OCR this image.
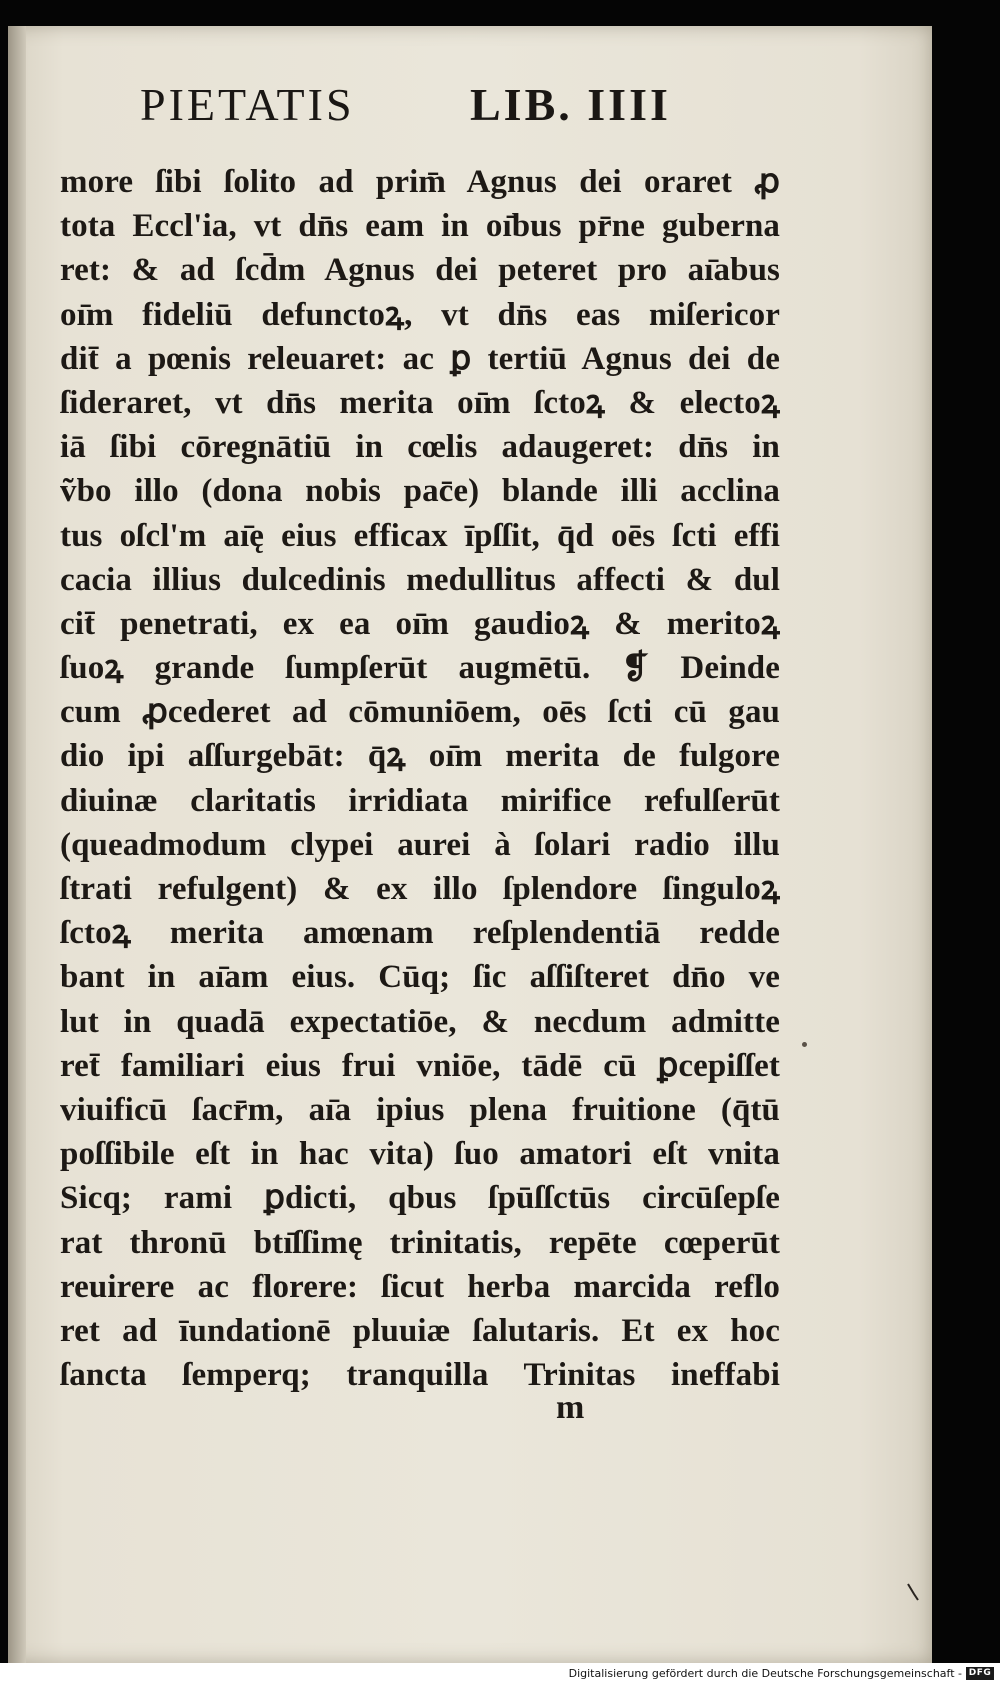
PIETATIS	LIB. IIII
more ſibi ſolito ad prim̄ Agnus dei oraret ꝓ
tota Eccl'ia, vt dn̄s eam in oı̄bus pr̄ne guberna
ret: & ad ſcd̄m Agnus dei peteret pro aı̄abus
oı̄m fideliū defunctoꝝ, vt dn̄s eas miſericor
dit̄ a pœnis releuaret: ac ꝑ tertiū Agnus dei de
ſideraret, vt dn̄s merita oı̄m ſctoꝝ & electoꝝ
iā ſibi cōregnātiū in cœlis adaugeret: dn̄s in
ṽbo illo (dona nobis pac̄e) blande illi acclina
tus oſcl'm aı̄ę eius efficax īpſſit, q̄d oēs ſcti effi
cacia illius dulcedinis medullitus affecti & dul
cit̄ penetrati, ex ea oı̄m gaudioꝝ & meritoꝝ
ſuoꝝ grande ſumpſerūt augmētū. ❡ Deinde
cum ꝓcederet ad cōmuniōem, oēs ſcti cū gau
dio ipi aſſurgebāt: q̄ꝝ oı̄m merita de fulgore
diuinæ claritatis irridiata mirifice refulſerūt
(queadmodum clypei aurei à ſolari radio illu
ſtrati refulgent) & ex illo ſplendore ſinguloꝝ
ſctoꝝ merita amœnam reſplendentiā redde
bant in aı̄am eius. Cūq; ſic aſſiſteret dn̄o ve
lut in quadā expectatiōe, & necdum admitte
ret̄ familiari eius frui vniōe, tādē cū ꝑcepiſſet
viuificū ſacr̄m, aı̄a ipius plena fruitione (q̄tū
poſſibile eſt in hac vita) ſuo amatori eſt vnita
Sicq; rami ꝑdicti, qbus ſpūſſctūs circūſepſe
rat thronū btı̄ſſimę trinitatis, repēte cœperūt
reuirere ac florere: ſicut herba marcida reflo
ret ad īundationē pluuiæ ſalutaris. Et ex hoc
ſancta ſemperq; tranquilla Trinitas ineffabi
m
Digitalisierung gefördert durch die Deutsche Forschungsgemeinschaft - DFG
